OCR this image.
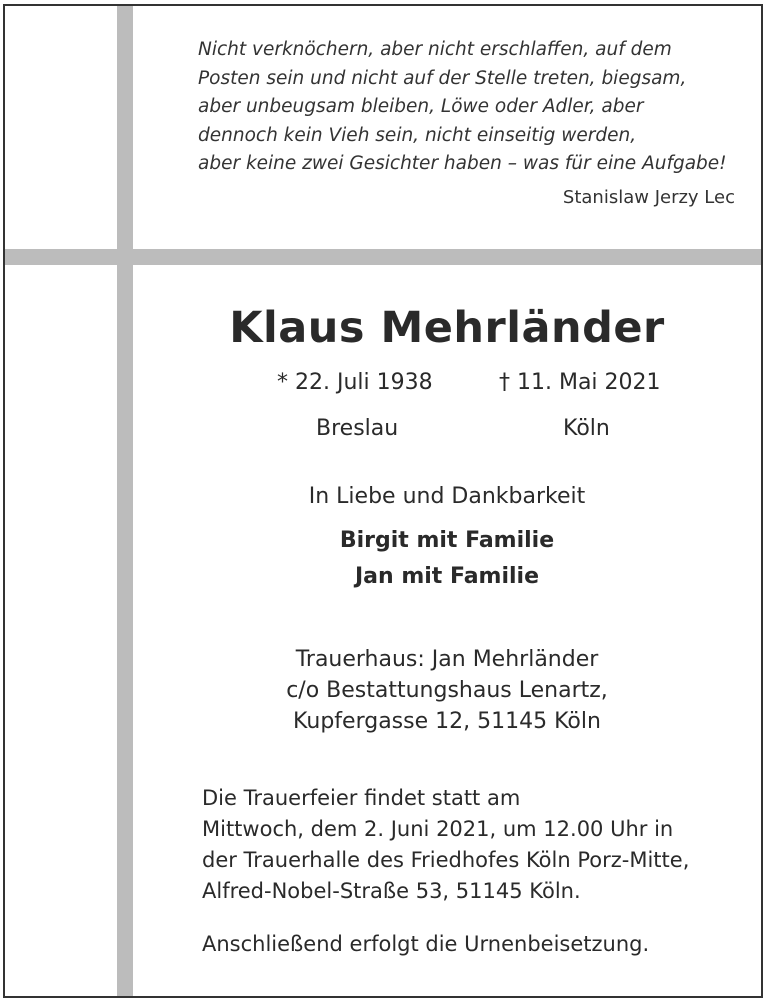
Nicht verknöchern, aber nicht erschlaffen, auf dem
Posten sein und nicht auf der Stelle treten, biegsam,
aber unbeugsam bleiben, Löwe oder Adler, aber
dennoch kein Vieh sein, nicht einseitig werden,
aber keine zwei Gesichter haben – was für eine Aufgabe!
Stanislaw Jerzy Lec
Klaus Mehrländer
* 22. Juli 1938	† 11. Mai 2021
Breslau	Köln
In Liebe und Dankbarkeit
Birgit mit Familie
Jan mit Familie
Trauerhaus: Jan Mehrländer
c/o Bestattungshaus Lenartz,
Kupfergasse 12, 51145 Köln
Die Trauerfeier findet statt am
Mittwoch, dem 2. Juni 2021, um 12.00 Uhr in
der Trauerhalle des Friedhofes Köln Porz-Mitte,
Alfred-Nobel-Straße 53, 51145 Köln.
Anschließend erfolgt die Urnenbeisetzung.
